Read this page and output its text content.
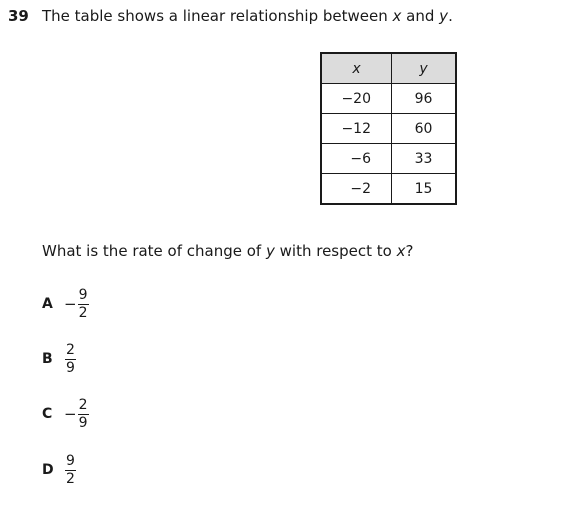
39 The table shows a linear relationship between x and y.
x	y
−20	96
−12	60
−6	33
−2	15
What is the rate of change of y with respect to x?
$A - \frac{9}{2}$
B $\frac{2}{9}$
$C - \frac{2}{9}$
D $\frac{9}{2}$
